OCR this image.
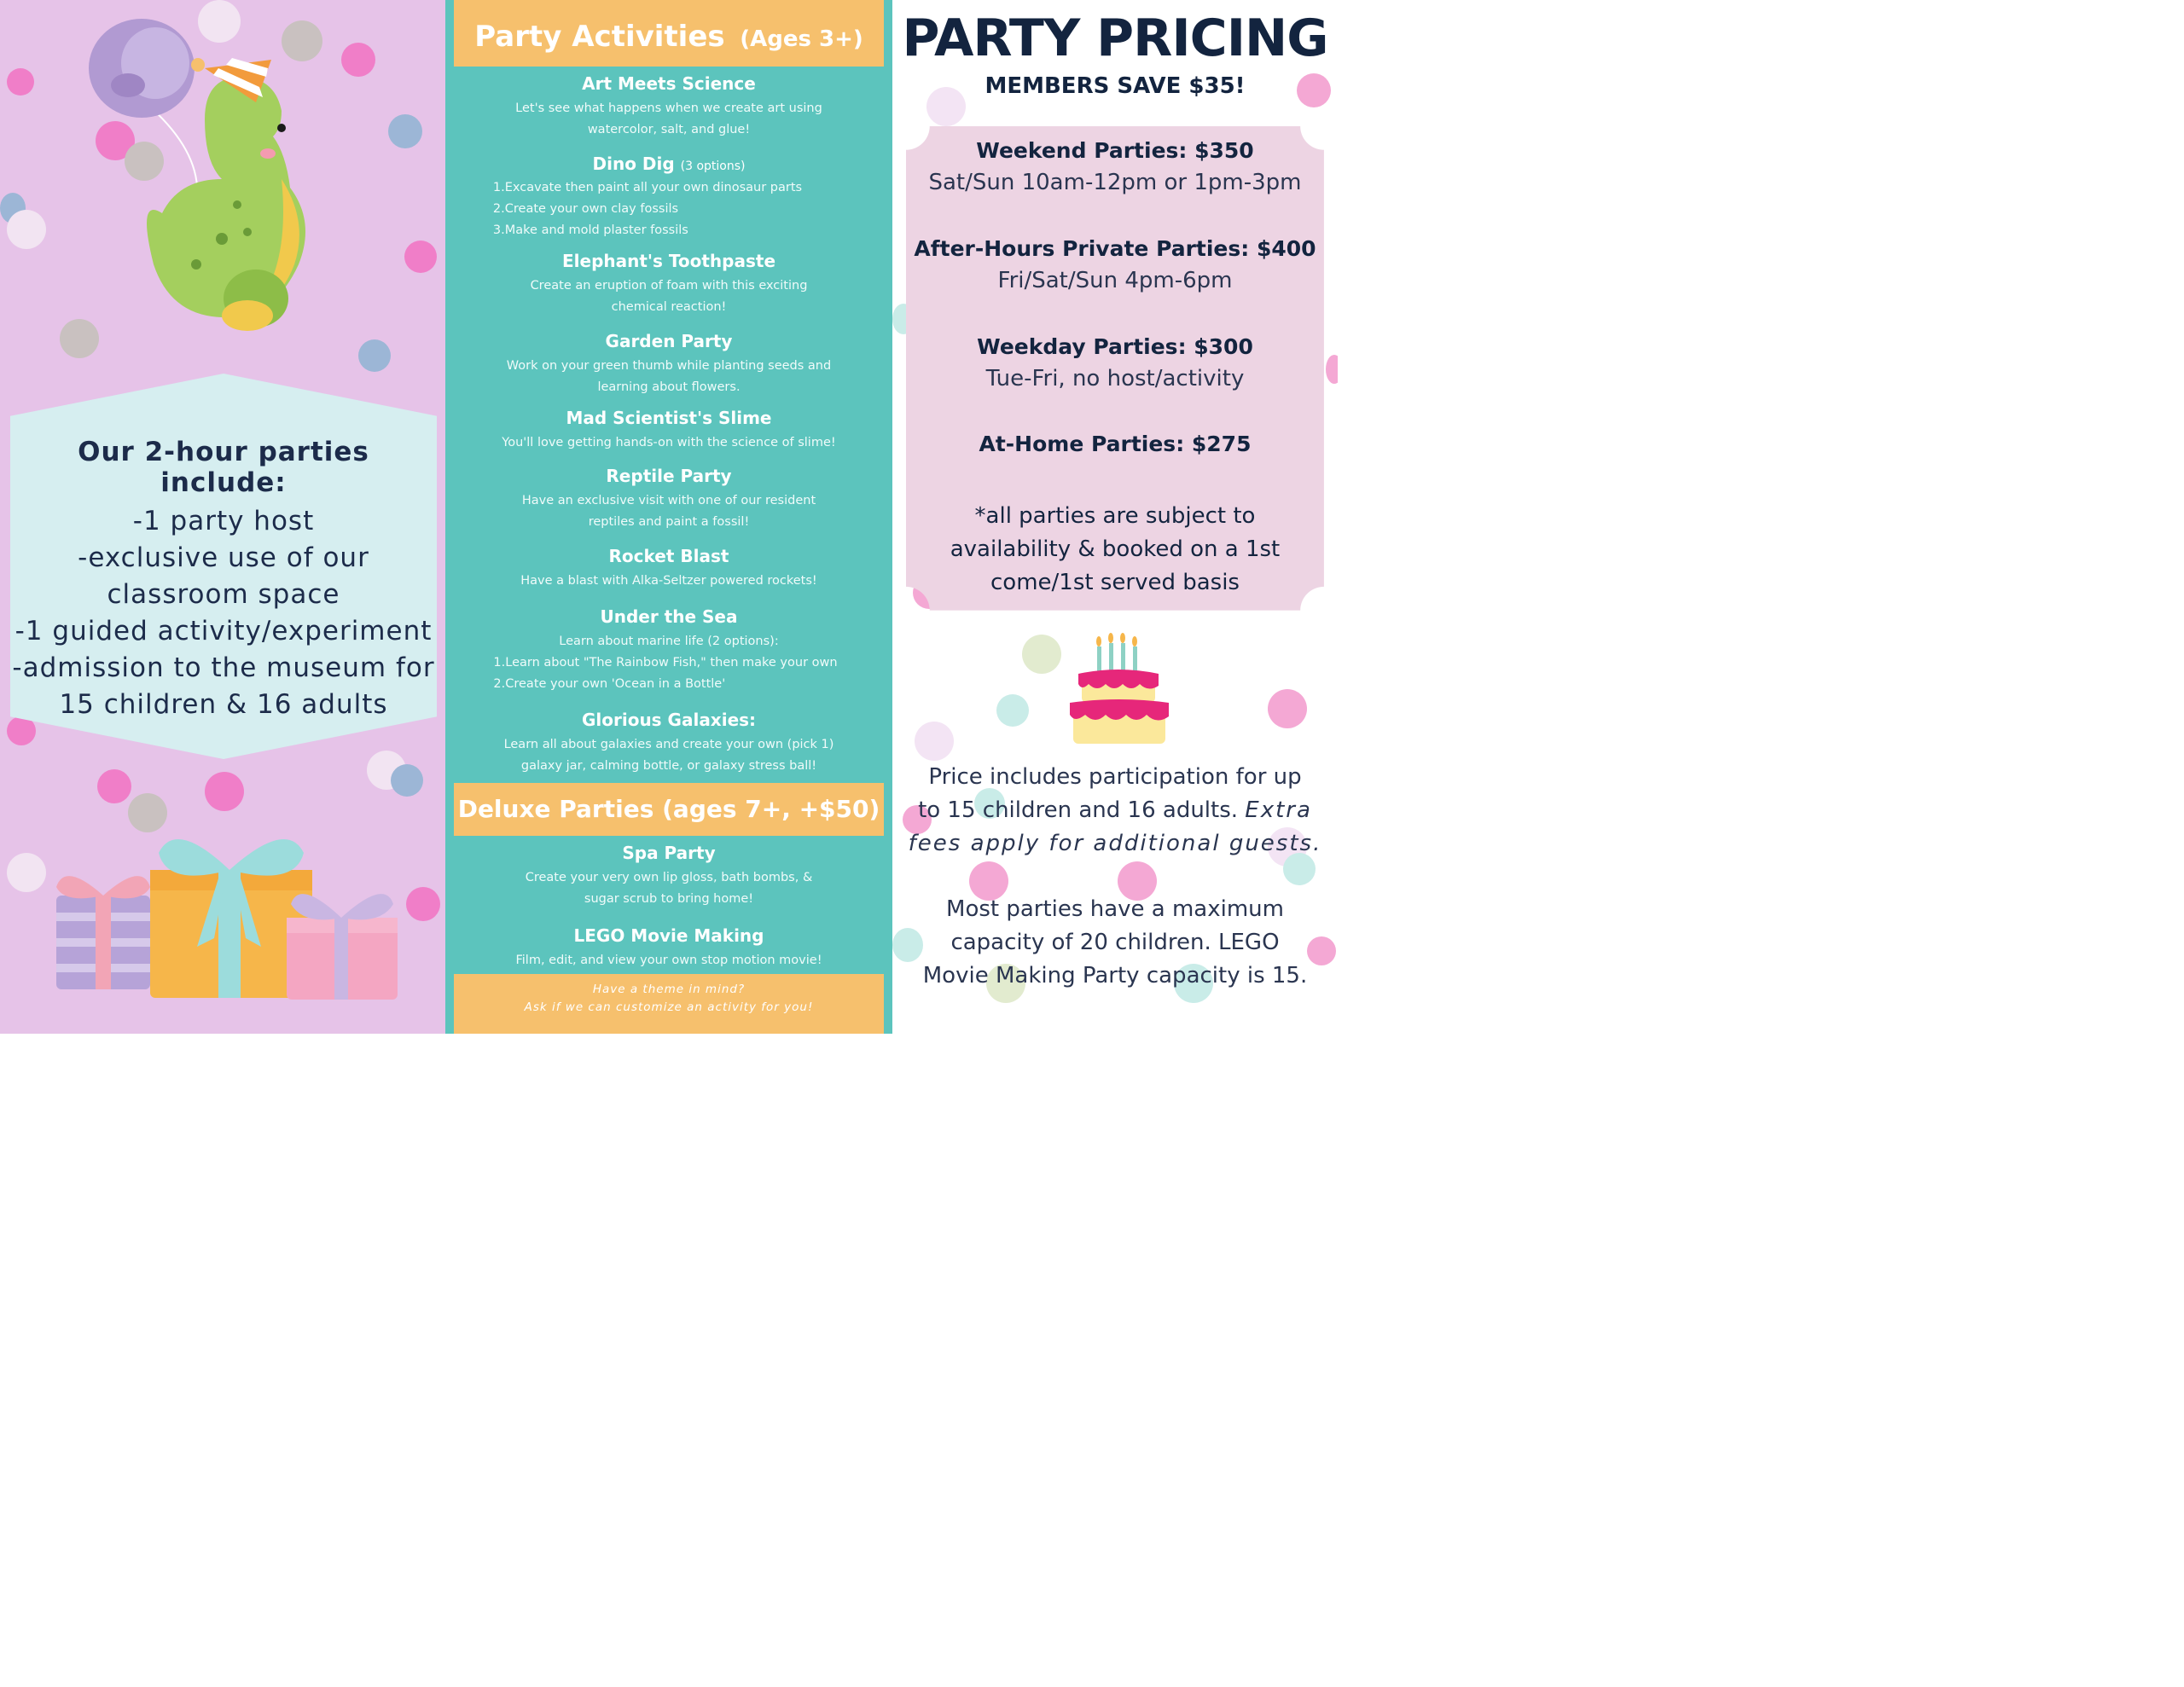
Our 2-hour parties include:
-1 party host
-exclusive use of our
classroom space
-1 guided activity/experiment
-admission to the museum for
15 children & 16 adults
Party Activities (Ages 3+)
Art Meets Science

Let's see what happens when we create art using
watercolor, salt, and glue!

Dino Dig (3 options)
1.Excavate then paint all your own dinosaur parts
2.Create your own clay fossils
3.Make and mold plaster fossils
Elephant's Toothpaste

Create an eruption of foam with this exciting
chemical reaction!

Garden Party

Work on your green thumb while planting seeds and
learning about flowers.

Mad Scientist's Slime

You'll love getting hands-on with the science of slime!

Reptile Party

Have an exclusive visit with one of our resident
reptiles and paint a fossil!

Rocket Blast

Have a blast with Alka-Seltzer powered rockets!

Under the Sea

Learn about marine life (2 options):

1.Learn about "The Rainbow Fish," then make your own
2.Create your own 'Ocean in a Bottle'
Glorious Galaxies:

Learn all about galaxies and create your own (pick 1)
galaxy jar, calming bottle, or galaxy stress ball!

Deluxe Parties (ages 7+, +$50)
Spa Party

Create your very own lip gloss, bath bombs, &
sugar scrub to bring home!

LEGO Movie Making

Film, edit, and view your own stop motion movie!

Have a theme in mind?
Ask if we can customize an activity for you!
PARTY PRICING
MEMBERS SAVE $35!
Weekend Parties: $350
Sat/Sun 10am-12pm or 1pm-3pm
After-Hours Private Parties: $400
Fri/Sat/Sun 4pm-6pm
Weekday Parties: $300
Tue-Fri, no host/activity
At-Home Parties: $275
*all parties are subject to
availability & booked on a 1st
come/1st served basis
Price includes participation for up
to 15 children and 16 adults. Extra
fees apply for additional guests.
Most parties have a maximum
capacity of 20 children. LEGO
Movie Making Party capacity is 15.
